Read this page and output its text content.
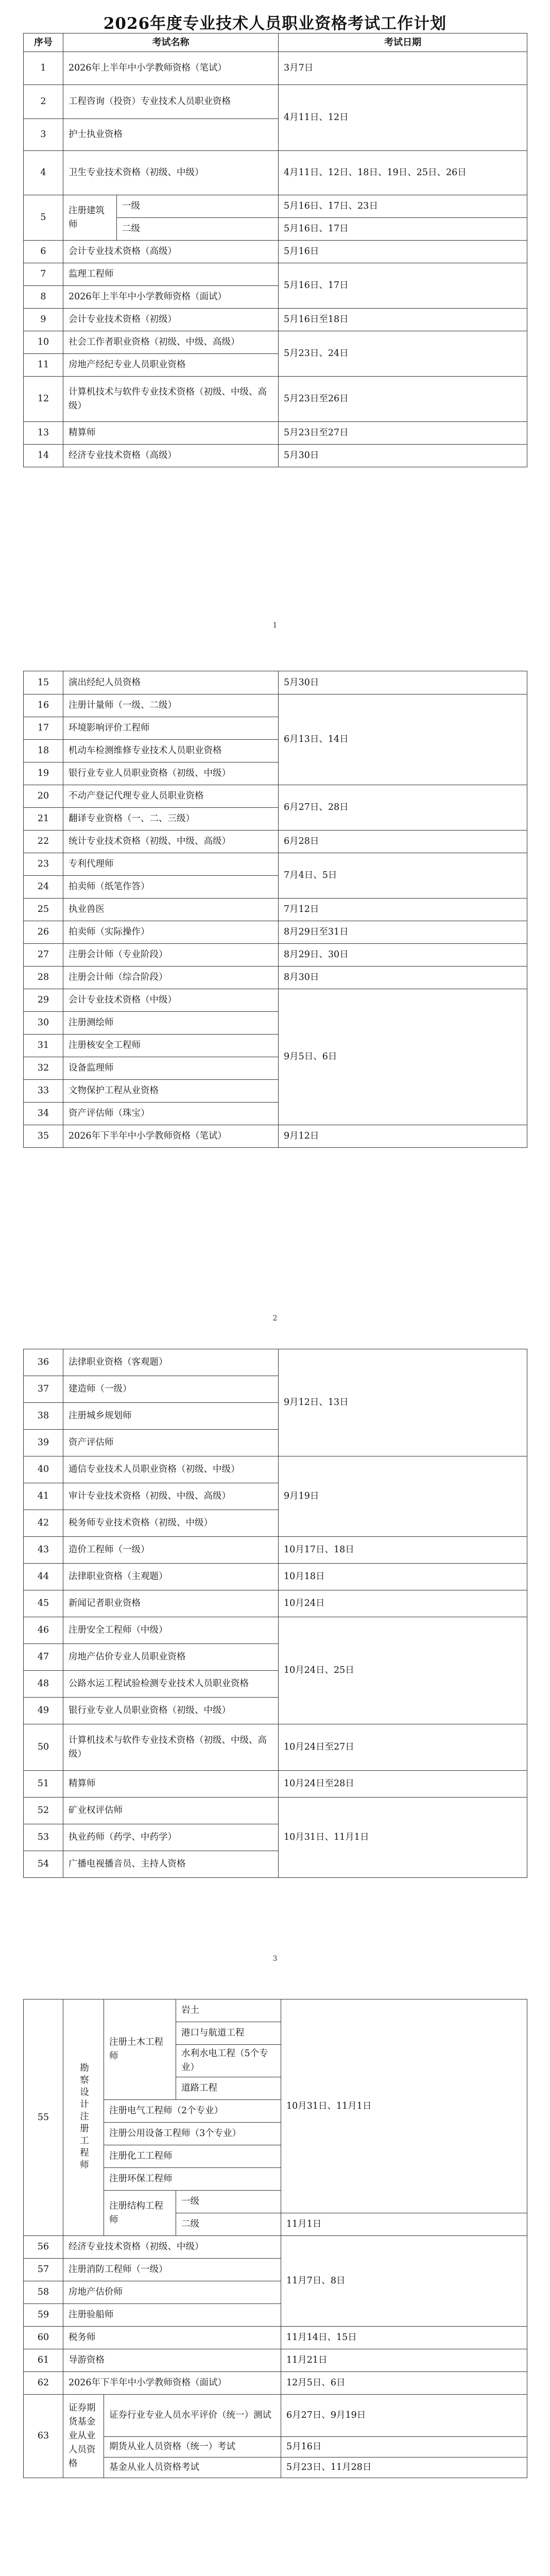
2026年度专业技术人员职业资格考试工作计划
序号	考试名称		考试日期
1	2026年上半年中小学教师资格（笔试）		3月7日
2	工程咨询（投资）专业技术人员职业资格		4月11日、12日
3	护士执业资格		
4	卫生专业技术资格（初级、中级）		4月11日、12日、18日、19日、25日、26日
5	注册建筑师	一级	5月16日、17日、23日
		二级	5月16日、17日
6	会计专业技术资格（高级）		5月16日
7	监理工程师		5月16日、17日
8	2026年上半年中小学教师资格（面试）		
9	会计专业技术资格（初级）		5月16日至18日
10	社会工作者职业资格（初级、中级、高级）		5月23日、24日
11	房地产经纪专业人员职业资格		
12	计算机技术与软件专业技术资格（初级、中级、高级）		5月23日至26日
13	精算师		5月23日至27日
14	经济专业技术资格（高级）		5月30日
1
15	演出经纪人员资格	5月30日
16	注册计量师（一级、二级）	6月13日、14日
17	环境影响评价工程师	
18	机动车检测维修专业技术人员职业资格	
19	银行业专业人员职业资格（初级、中级）	
20	不动产登记代理专业人员职业资格	6月27日、28日
21	翻译专业资格（一、二、三级）	
22	统计专业技术资格（初级、中级、高级）	6月28日
23	专利代理师	7月4日、5日
24	拍卖师（纸笔作答）	
25	执业兽医	7月12日
26	拍卖师（实际操作）	8月29日至31日
27	注册会计师（专业阶段）	8月29日、30日
28	注册会计师（综合阶段）	8月30日
29	会计专业技术资格（中级）	9月5日、6日
30	注册测绘师	
31	注册核安全工程师	
32	设备监理师	
33	文物保护工程从业资格	
34	资产评估师（珠宝）	
35	2026年下半年中小学教师资格（笔试）	9月12日
2
36	法律职业资格（客观题）	9月12日、13日
37	建造师（一级）	
38	注册城乡规划师	
39	资产评估师	
40	通信专业技术人员职业资格（初级、中级）	9月19日
41	审计专业技术资格（初级、中级、高级）	
42	税务师专业技术资格（初级、中级）	
43	造价工程师（一级）	10月17日、18日
44	法律职业资格（主观题）	10月18日
45	新闻记者职业资格	10月24日
46	注册安全工程师（中级）	10月24日、25日
47	房地产估价专业人员职业资格	
48	公路水运工程试验检测专业技术人员职业资格	
49	银行业专业人员职业资格（初级、中级）	
50	计算机技术与软件专业技术资格（初级、中级、高级）	10月24日至27日
51	精算师	10月24日至28日
52	矿业权评估师	10月31日、11月1日
53	执业药师（药学、中药学）	
54	广播电视播音员、主持人资格	
3
55	勘察设计注册工程师	注册土木工程师	岩土	10月31日、11月1日
			港口与航道工程	
			水利水电工程（5个专业）	
			道路工程	
		注册电气工程师（2个专业）		
		注册公用设备工程师（3个专业）		
		注册化工工程师		
		注册环保工程师		
		注册结构工程师	一级	
			二级	11月1日
56	经济专业技术资格（初级、中级）			11月7日、8日
57	注册消防工程师（一级）			
58	房地产估价师			
59	注册验船师			
60	税务师			11月14日、15日
61	导游资格			11月21日
62	2026年下半年中小学教师资格（面试）			12月5日、6日
63	证券期货基金业从业人员资格	证券行业专业人员水平评价（统一）测试		6月27日、9月19日
		期货从业人员资格（统一）考试		5月16日
		基金从业人员资格考试		5月23日、11月28日
